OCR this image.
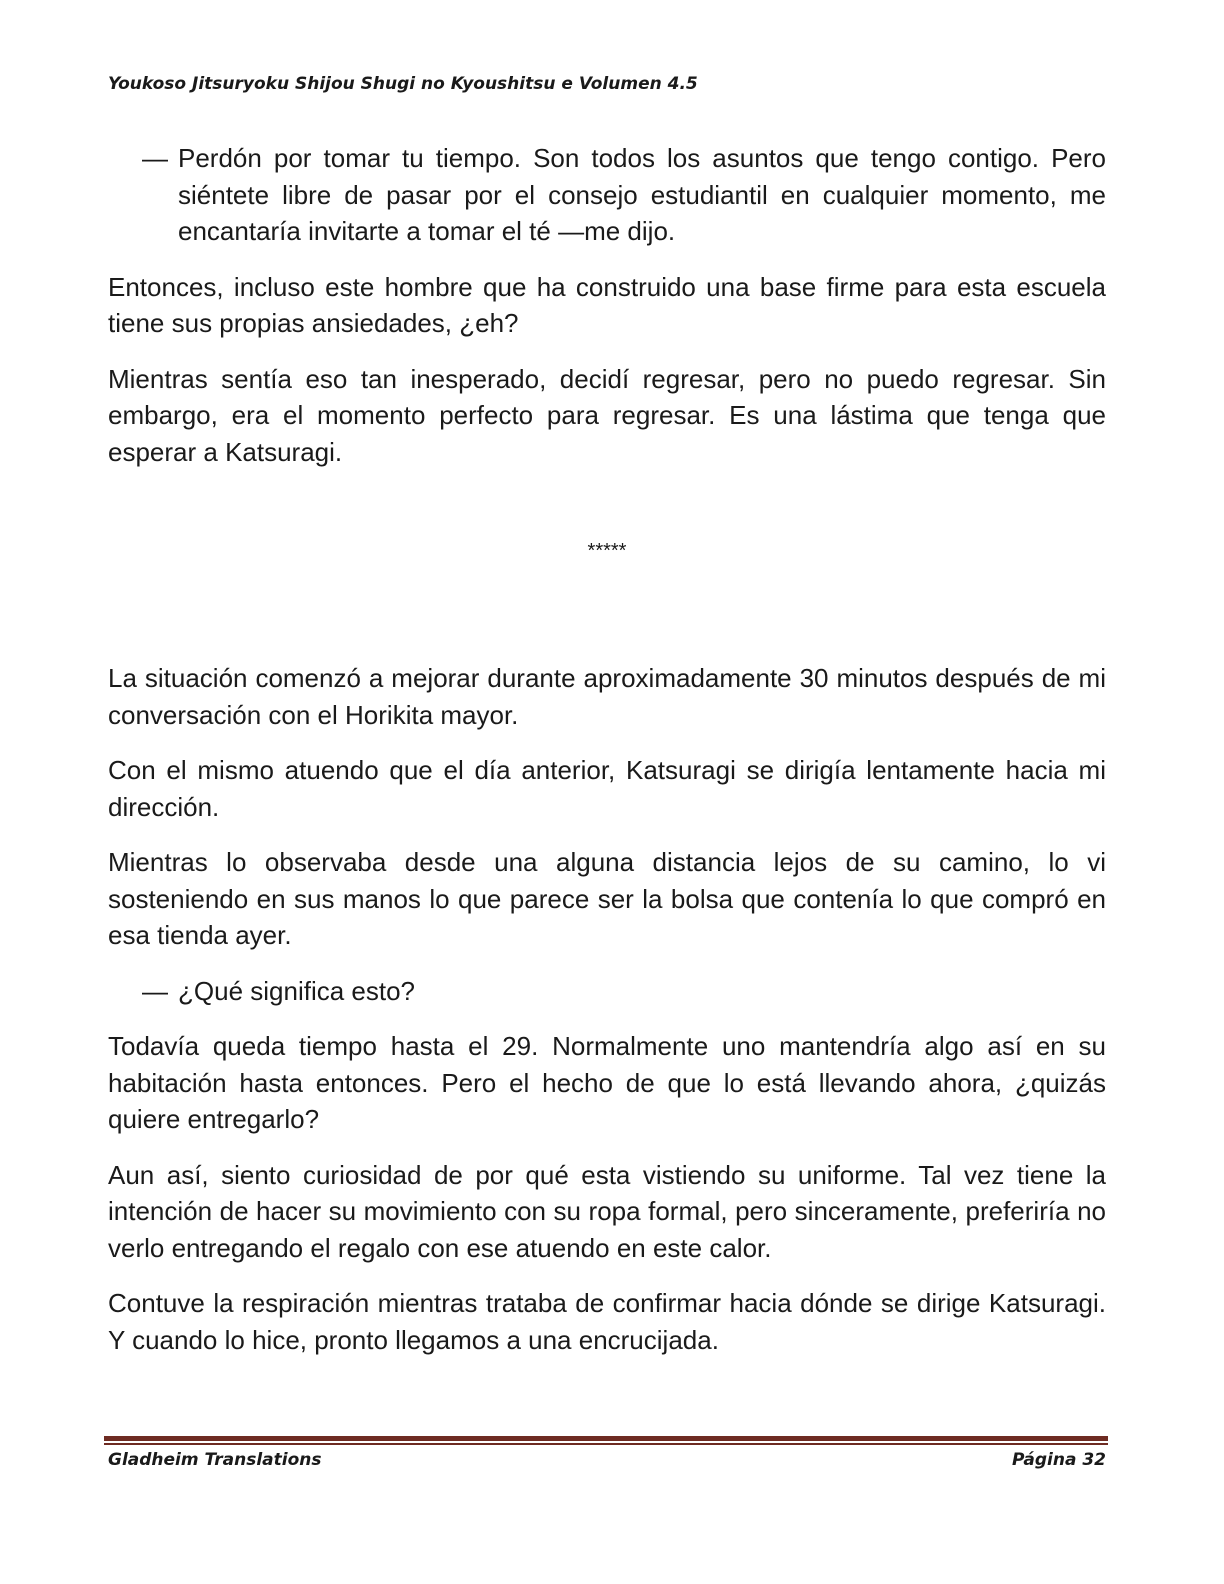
Youkoso Jitsuryoku Shijou Shugi no Kyoushitsu e Volumen 4.5
— Perdón por tomar tu tiempo. Son todos los asuntos que tengo contigo. Pero siéntete libre de pasar por el consejo estudiantil en cualquier momento, me encantaría invitarte a tomar el té —me dijo.

Entonces, incluso este hombre que ha construido una base firme para esta escuela tiene sus propias ansiedades, ¿eh?

Mientras sentía eso tan inesperado, decidí regresar, pero no puedo regresar. Sin embargo, era el momento perfecto para regresar. Es una lástima que tenga que esperar a Katsuragi.

*****

La situación comenzó a mejorar durante aproximadamente 30 minutos después de mi conversación con el Horikita mayor.

Con el mismo atuendo que el día anterior, Katsuragi se dirigía lentamente hacia mi dirección.

Mientras lo observaba desde una alguna distancia lejos de su camino, lo vi sosteniendo en sus manos lo que parece ser la bolsa que contenía lo que compró en esa tienda ayer.

— ¿Qué significa esto?

Todavía queda tiempo hasta el 29. Normalmente uno mantendría algo así en su habitación hasta entonces. Pero el hecho de que lo está llevando ahora, ¿quizás quiere entregarlo?

Aun así, siento curiosidad de por qué esta vistiendo su uniforme. Tal vez tiene la intención de hacer su movimiento con su ropa formal, pero sinceramente, preferiría no verlo entregando el regalo con ese atuendo en este calor.

Contuve la respiración mientras trataba de confirmar hacia dónde se dirige Katsuragi. Y cuando lo hice, pronto llegamos a una encrucijada.

Gladheim Translations	Página 32
